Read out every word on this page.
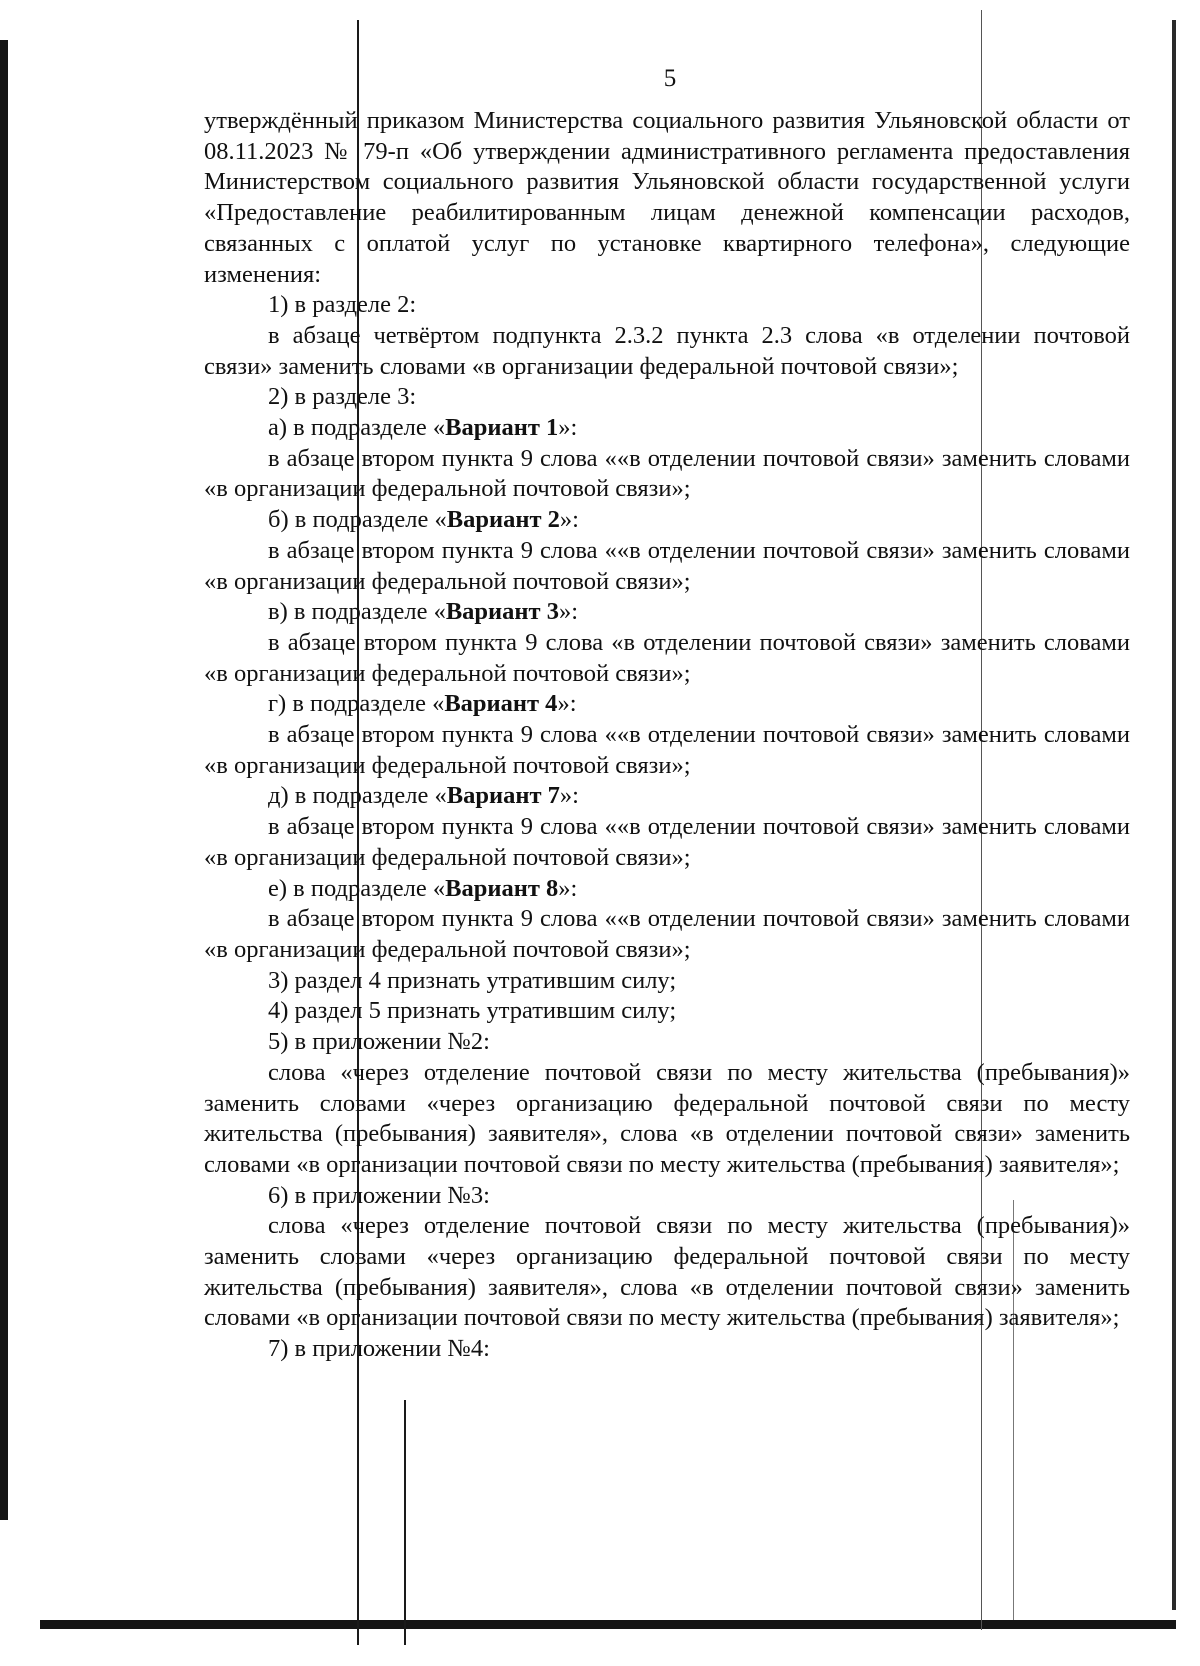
5

утверждённый приказом Министерства социального развития Ульяновской области от 08.11.2023 № 79-п «Об утверждении административного регламента предоставления Министерством социального развития Ульяновской области государственной услуги «Предоставление реабилитированным лицам денежной компенсации расходов, связанных с оплатой услуг по установке квартирного телефона», следующие изменения:

1) в разделе 2:

в абзаце четвёртом подпункта 2.3.2 пункта 2.3 слова «в отделении почтовой связи» заменить словами «в организации федеральной почтовой связи»;

2) в разделе 3:

а) в подразделе «Вариант 1»:

в абзаце втором пункта 9 слова ««в отделении почтовой связи» заменить словами «в организации федеральной почтовой связи»;

б) в подразделе «Вариант 2»:

в абзаце втором пункта 9 слова ««в отделении почтовой связи» заменить словами «в организации федеральной почтовой связи»;

в) в подразделе «Вариант 3»:

в абзаце втором пункта 9 слова «в отделении почтовой связи» заменить словами «в организации федеральной почтовой связи»;

г) в подразделе «Вариант 4»:

в абзаце втором пункта 9 слова ««в отделении почтовой связи» заменить словами «в организации федеральной почтовой связи»;

д) в подразделе «Вариант 7»:

в абзаце втором пункта 9 слова ««в отделении почтовой связи» заменить словами «в организации федеральной почтовой связи»;

е) в подразделе «Вариант 8»:

в абзаце втором пункта 9 слова ««в отделении почтовой связи» заменить словами «в организации федеральной почтовой связи»;

3) раздел 4 признать утратившим силу;

4) раздел 5 признать утратившим силу;

5) в приложении №2:

слова «через отделение почтовой связи по месту жительства (пребывания)» заменить словами «через организацию федеральной почтовой связи по месту жительства (пребывания) заявителя», слова «в отделении почтовой связи» заменить словами «в организации почтовой связи по месту жительства (пребывания) заявителя»;

6) в приложении №3:

слова «через отделение почтовой связи по месту жительства (пребывания)» заменить словами «через организацию федеральной почтовой связи по месту жительства (пребывания) заявителя», слова «в отделении почтовой связи» заменить словами «в организации почтовой связи по месту жительства (пребывания) заявителя»;

7) в приложении №4:
